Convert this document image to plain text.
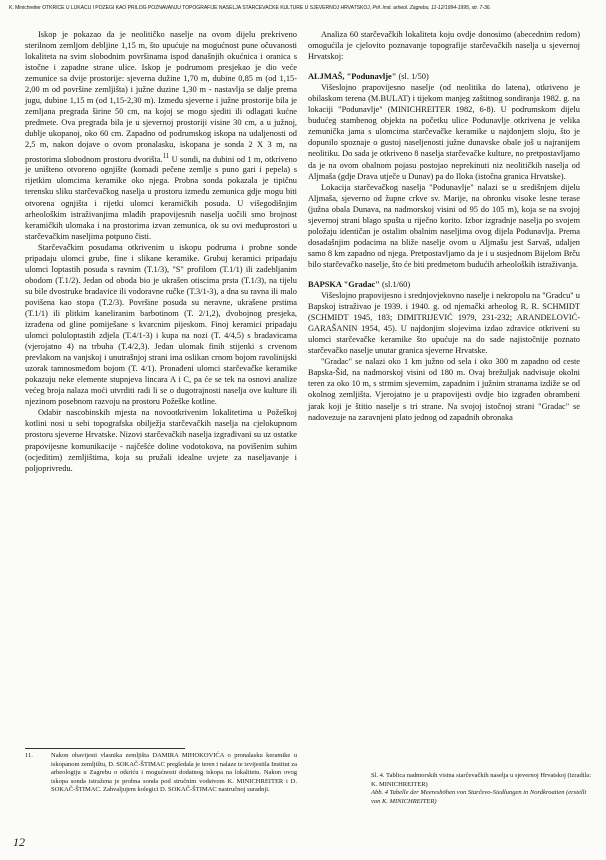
K. Minichreiter OTKRIĆE U LUKAČU I POŽEGI KAO PRILOG POZNAVANJU TOPOGRAFIJE NASELJA STARČEVAČKE KULTURE U SJEVERNOJ HRVATSKOJ, Prił. Inst. arheol. Zagrebu, 11-12/1994-1995, str. 7-36.

Iskop je pokazao da je neolitičko naselje na ovom dijelu prekriveno sterilnom zemljom debljine 1,15 m, što upućuje na mogućnost pune očuvanosti lokaliteta na svim slobodnim površinama ispod današnjih okućnica i oranica s istočne i zapadne strane ulice. Iskop je podrumom presjekao je dio veće zemunice sa dvije prostorije: sjeverna dužine 1,70 m, dubine 0,85 m (od 1,15-2,00 m od površine zemljišta) i južne duzine 1,30 m - nastavlja se dalje prema jugu, dubine 1,15 m (od 1,15-2,30 m). Između sjeverne i južne prostorije bila je zemljana pregrada širine 50 cm, na kojoj se mogo sjediti ili odlagati kućne predmete. Ova pregrada bila je u sjevernoj prostoriji visine 30 cm, a u južnoj, dublje ukopanoj, oko 60 cm. Zapadno od podrumskog iskopa na udaljenosti od 2,5 m, nakon dojave o ovom pronalasku, iskopana je sonda 2 X 3 m, na prostorima slobodnom prostoru dvorišta.$^{11}$ U sondi, na dubini od 1 m, otkriveno je uništeno otvoreno ognjište (komadi pečene zemlje s puno gari i pepela) s rijetkim ulomcima keramike oko njega. Probna sonda pokazala je tipičnu terensku sliku starčevačkog naselja u prostoru između zemunica gdje mogu biti otvorena ognjišta i rijetki ulomci keramičkih posuda. U višegodišnjim arheološkim istraživanjima mlađih prapovijesnih naselja uočili smo brojnost keramičkih ulomaka i na prostorima izvan zemunica, ok su ovi međuprostori u starčevačkim naseljima potpuno čisti.

Starčevačkim posudama otkrivenim u iskopu podruma i probne sonde pripadaju ulomci grube, fine i slikane keramike. Grubuj keramici pripadaju ulomci loptastih posuda s ravnim (T.1/3), "S" profilom (T.1/1) ili zadebljanim obodom (T.1/2). Jedan od oboda bio je ukrašen otiscima prsta (T.1/3), na tijelu su bile dvostruke bradavice ili vodoravne ručke (T.3/1-3), a dna su ravna ili malo povišena kao stopa (T.2/3). Površine posuda su neravne, ukrašene prstima (T.1/1) ili plitkim kaneliranim barbotinom (T. 2/1,2), dvobojnog presjeka, izrađena od gline pomiješane s kvarcnim pijeskom. Finoj keramici pripadaju ulomci poluloptastih zdjela (T.4/1-3) i kupa na nozi (T. 4/4,5) s bradavicama (vjerojatno 4) na trbuha (T.4/2,3). Jedan ulomak finih stijenki s crvenom prevlakom na vanjskoj i unutrašnjoj strani ima oslikan crnom bojom ravolinijski uzorak tamnosmeđom bojom (T. 4/1). Pronađeni ulomci starčevačke keramike pokazuju neke elemente stupnjeva lincara A i C, pa će se tek na osnovi analize većeg broja nalaza moći utvrditi radi li se o dugotrajnosti naselja ove kulture ili njezinom posebnom razvoju na prostoru Požeške kotline.

Odabir nascobinskih mjesta na novootkrivenim lokalitetima u Požeškoj kotlini nosi u sebi topografska obilježja starčevačkih naselja na cjelokupnom prostoru sjeverne Hrvatske. Nizovi starčevačkih naselja izgrađivani su uz ostatke prapovijesne komunikacije - najčešće doline vodotokova, na povišenim suhim (ocjeditim) zemljištima, koja su pružali idealne uvjete za naseljavanje i poljoprivredu.

Analiza 60 starčevačkih lokaliteta koju ovdje donosimo (abecednim redom) omogućila je cjelovito poznavanje topografije starčevačkih naselja u sjevernoj Hrvatskoj:

ALJMAŠ, "Podunavlje" (sl. 1/50)

Višeslojno prapovijesno naselje (od neolitika do latena), otkriveno je obilaskom terena (M.BULAT) i tijekom manjeg zaštitnog sondiranja 1982. g. na lokaciji "Podunavlje" (MINICHREITER 1982, 6-8). U podrumskom dijelu budućeg stambenog objekta na početku ulice Podunavlje otkrivena je velika zemunička jama s ulomcima starčevačke keramike u najdonjem sloju, što je dopunilo spoznaje o gustoj naseljenosti južne dunavske obale još u najranijem neolitiku. Do sada je otkriveno 8 naselja starčevačke kulture, no pretpostavljamo da je na ovom obalnom pojasu postojao neprekinuti niz neolitičkih naselja od Aljmaša (gdje Drava utječe u Dunav) pa do Iloka (istočna granica Hrvatske).

Lokacija starčevačkog naselja "Podunavlje" nalazi se u središnjem dijelu Aljmaša, sjeverno od župne crkve sv. Marije, na obronku visoke lesne terase (južna obala Dunava, na nadmorskoj visini od 95 do 105 m), koja se na svojoj sjevernoj strani blago spušta u riječno korito. Izbor izgradnje naselja po svojem položaju identičan je ostalim obalnim naseljima ovog dijela Podunavlja. Prema dosadašnjim podacima na bliže naselje ovom u Aljmašu jest Sarvaš, udaljen samo 8 km zapadno od njega. Pretpostavljamo da je i u susjednom Bijelom Brču bilo starčevačko naselje, što će biti predmetom budućih arheoloških istraživanja.

BAPSKA "Gradac" (sl.1/60)

Višeslojno prapovijesno i srednjovjekovno naselje i nekropolu na "Gradcu" u Bapskoj istraživao je 1939. i 1940. g. od njemački arheolog R. R. SCHMIDT (SCHMIDT 1945, 183; DIMITRIJEVIĆ 1979, 231-232; ARANDELOVIĆ-GARAŠANIN 1954, 45). U najdonjim slojevima izdao zdravice otkriveni su ulomci starčevačke keramike što upućuje na do sade najistočnije poznato starčevačko naselje unutar granica sjeverne Hrvatske.

"Gradac" se nalazi oko 1 km južno od sela i oko 300 m zapadno od ceste Bapska-Šid, na nadmorskoj visini od 180 m. Ovaj brežuljak nadvisuje okolni teren za oko 10 m, s strmim sjevernim, zapadnim i južnim stranama izdiže se od okolnog zemljišta. Vjerojatno je u prapovijesti ovdje bio izgrađen obrambeni jarak koji je štitio naselje s tri strane. Na svojoj istočnoj strani "Gradac" se nadovezuje na zaravnjeni plato jednog od zapadnih obronaka

11.	Nakon obavijesti vlasnika zemljišta DAMIRA MIHOKOVIĆA o pronalasku keramike u iskopanom zemljištu, D. SOKAČ-ŠTIMAC pregledala je teren i nalaze te izvijestila Institut za arheologiju u Zagrebu o otkriću i mogućnosti dodatnog iskopa na lokalitetu. Nakon ovog iskopa sonda istražena je probna sonda pod stručnim vodstvom K. MINICHREITER i D. SOKAČ-ŠTIMAC. Zahvaljujem kolegici D. SOKAČ-ŠTIMAC nastručnoj suradnji.
Sl. 4. Tablica nadmorskih visina starčevačkih naselja u sjevernoj Hrvatskoj (izradila: K. MINICHREITER)
Abb. 4 Tabelle der Meereshöhen von Starčevo-Siedlungen in Nordkroatien (erstellt von K. MINICHREITER)
12
